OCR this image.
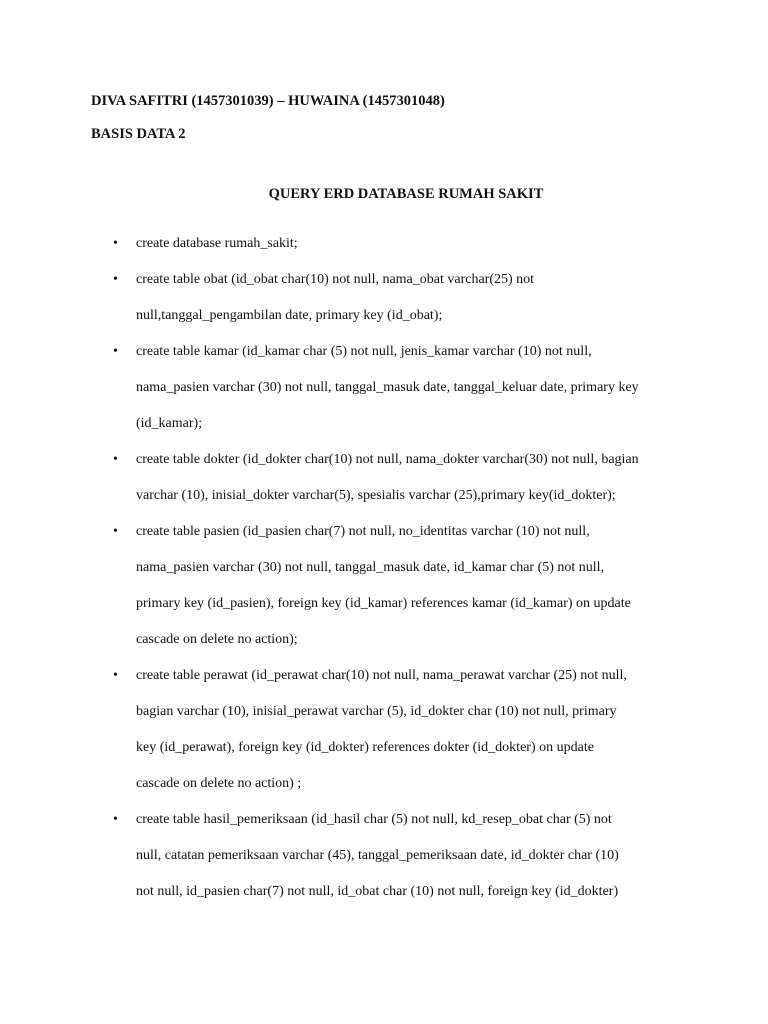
DIVA SAFITRI (1457301039) – HUWAINA (1457301048)
BASIS DATA 2
QUERY ERD DATABASE RUMAH SAKIT
• create database rumah_sakit;
• create table obat (id_obat char(10) not null, nama_obat varchar(25) not
null,tanggal_pengambilan date, primary key (id_obat);
• create table kamar (id_kamar char (5) not null, jenis_kamar varchar (10) not null,
nama_pasien varchar (30) not null, tanggal_masuk date, tanggal_keluar date, primary key
(id_kamar);
• create table dokter (id_dokter char(10) not null, nama_dokter varchar(30) not null, bagian
varchar (10), inisial_dokter varchar(5), spesialis varchar (25),primary key(id_dokter);
• create table pasien (id_pasien char(7) not null, no_identitas varchar (10) not null,
nama_pasien varchar (30) not null, tanggal_masuk date, id_kamar char (5) not null,
primary key (id_pasien), foreign key (id_kamar) references kamar (id_kamar) on update
cascade on delete no action);
• create table perawat (id_perawat char(10) not null, nama_perawat varchar (25) not null,
bagian varchar (10), inisial_perawat varchar (5), id_dokter char (10) not null, primary
key (id_perawat), foreign key (id_dokter) references dokter (id_dokter) on update
cascade on delete no action) ;
• create table hasil_pemeriksaan (id_hasil char (5) not null, kd_resep_obat char (5) not
null, catatan pemeriksaan varchar (45), tanggal_pemeriksaan date, id_dokter char (10)
not null, id_pasien char(7) not null, id_obat char (10) not null, foreign key (id_dokter)
